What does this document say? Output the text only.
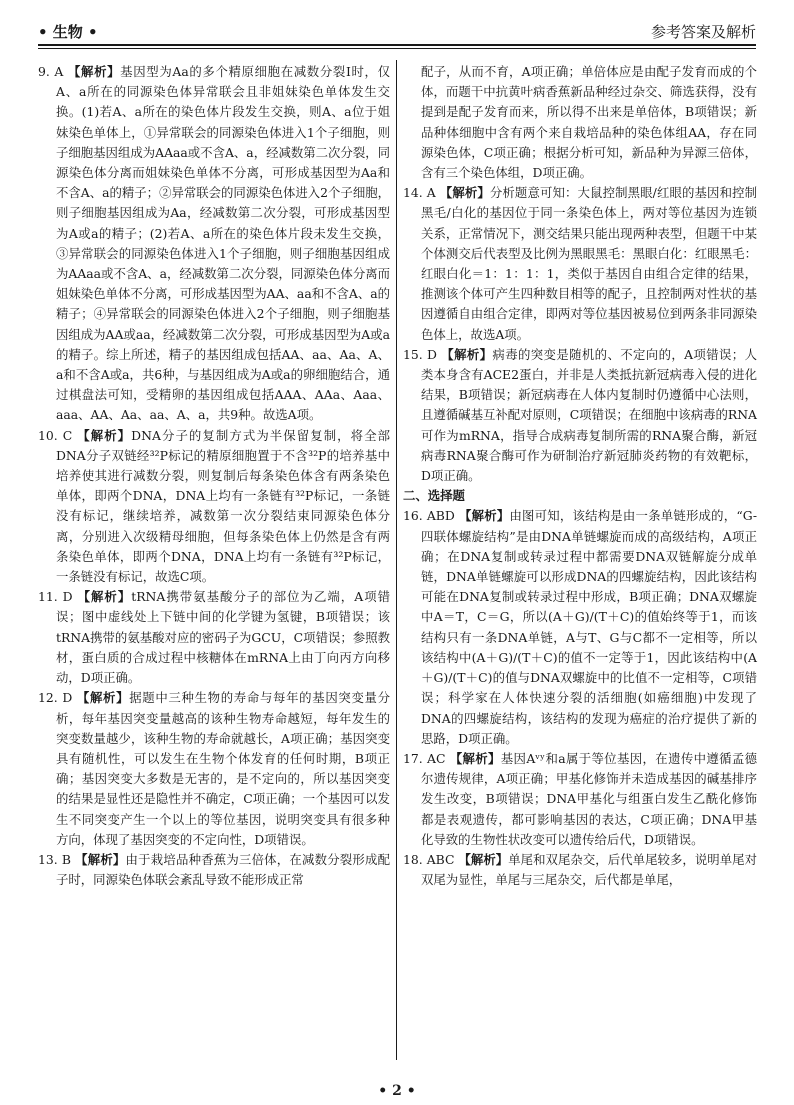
• 生物 •	参考答案及解析

9. A 【解析】基因型为Aa的多个精原细胞在减数分裂Ⅰ时，仅A、a所在的同源染色体异常联会且非姐妹染色单体发生交换。(1)若A、a所在的染色体片段发生交换，则A、a位于姐妹染色单体上，①异常联会的同源染色体进入1个子细胞，则子细胞基因组成为AAaa或不含A、a，经减数第二次分裂，同源染色体分离而姐妹染色单体不分离，可形成基因型为Aa和不含A、a的精子；②异常联会的同源染色体进入2个子细胞，则子细胞基因组成为Aa，经减数第二次分裂，可形成基因型为A或a的精子；(2)若A、a所在的染色体片段未发生交换，③异常联会的同源染色体进入1个子细胞，则子细胞基因组成为AAaa或不含A、a，经减数第二次分裂，同源染色体分离而姐妹染色单体不分离，可形成基因型为AA、aa和不含A、a的精子；④异常联会的同源染色体进入2个子细胞，则子细胞基因组成为AA或aa，经减数第二次分裂，可形成基因型为A或a的精子。综上所述，精子的基因组成包括AA、aa、Aa、A、a和不含A或a，共6种，与基因组成为A或a的卵细胞结合，通过棋盘法可知，受精卵的基因组成包括AAA、AAa、Aaa、aaa、AA、Aa、aa、A、a，共9种。故选A项。

10. C 【解析】DNA分子的复制方式为半保留复制，将全部DNA分子双链经³²P标记的精原细胞置于不含³²P的培养基中培养使其进行减数分裂，则复制后每条染色体含有两条染色单体，即两个DNA，DNA上均有一条链有³²P标记，一条链没有标记，继续培养，减数第一次分裂结束同源染色体分离，分别进入次级精母细胞，但每条染色体上仍然是含有两条染色单体，即两个DNA，DNA上均有一条链有³²P标记，一条链没有标记，故选C项。

11. D 【解析】tRNA携带氨基酸分子的部位为乙端，A项错误；图中虚线处上下链中间的化学键为氢键，B项错误；该tRNA携带的氨基酸对应的密码子为GCU，C项错误；参照教材，蛋白质的合成过程中核糖体在mRNA上由丁向丙方向移动，D项正确。

12. D 【解析】据题中三种生物的寿命与每年的基因突变量分析，每年基因突变量越高的该种生物寿命越短，每年发生的突变数量越少，该种生物的寿命就越长，A项正确；基因突变具有随机性，可以发生在生物个体发育的任何时期，B项正确；基因突变大多数是无害的，是不定向的，所以基因突变的结果是显性还是隐性并不确定，C项正确；一个基因可以发生不同突变产生一个以上的等位基因，说明突变具有很多种方向，体现了基因突变的不定向性，D项错误。

13. B 【解析】由于栽培品种香蕉为三倍体，在减数分裂形成配子时，同源染色体联会紊乱导致不能形成正常

配子，从而不育，A项正确；单倍体应是由配子发育而成的个体，而题干中抗黄叶病香蕉新品种经过杂交、筛选获得，没有提到是配子发育而来，所以得不出来是单倍体，B项错误；新品种体细胞中含有两个来自栽培品种的染色体组AA，存在同源染色体，C项正确；根据分析可知，新品种为异源三倍体，含有三个染色体组，D项正确。

14. A 【解析】分析题意可知：大鼠控制黑眼/红眼的基因和控制黑毛/白化的基因位于同一条染色体上，两对等位基因为连锁关系，正常情况下，测交结果只能出现两种表型，但题干中某个体测交后代表型及比例为黑眼黑毛：黑眼白化：红眼黑毛：红眼白化＝1：1：1：1，类似于基因自由组合定律的结果，推测该个体可产生四种数目相等的配子，且控制两对性状的基因遵循自由组合定律，即两对等位基因被易位到两条非同源染色体上，故选A项。

15. D 【解析】病毒的突变是随机的、不定向的，A项错误；人类本身含有ACE2蛋白，并非是人类抵抗新冠病毒入侵的进化结果，B项错误；新冠病毒在人体内复制时仍遵循中心法则，且遵循碱基互补配对原则，C项错误；在细胞中该病毒的RNA可作为mRNA，指导合成病毒复制所需的RNA聚合酶，新冠病毒RNA聚合酶可作为研制治疗新冠肺炎药物的有效靶标，D项正确。

二、选择题

16. ABD 【解析】由图可知，该结构是由一条单链形成的，“G-四联体螺旋结构”是由DNA单链螺旋而成的高级结构，A项正确；在DNA复制或转录过程中都需要DNA双链解旋分成单链，DNA单链螺旋可以形成DNA的四螺旋结构，因此该结构可能在DNA复制或转录过程中形成，B项正确；DNA双螺旋中A＝T，C＝G，所以(A＋G)/(T＋C)的值始终等于1，而该结构只有一条DNA单链，A与T、G与C都不一定相等，所以该结构中(A＋G)/(T＋C)的值不一定等于1，因此该结构中(A＋G)/(T＋C)的值与DNA双螺旋中的比值不一定相等，C项错误；科学家在人体快速分裂的活细胞(如癌细胞)中发现了DNA的四螺旋结构，该结构的发现为癌症的治疗提供了新的思路，D项正确。

17. AC 【解析】基因Aᵛʸ和a属于等位基因，在遗传中遵循孟德尔遗传规律，A项正确；甲基化修饰并未造成基因的碱基排序发生改变，B项错误；DNA甲基化与组蛋白发生乙酰化修饰都是表观遗传，都可影响基因的表达，C项正确；DNA甲基化导致的生物性状改变可以遗传给后代，D项错误。

18. ABC 【解析】单尾和双尾杂交，后代单尾较多，说明单尾对双尾为显性，单尾与三尾杂交，后代都是单尾，

• 2 •
